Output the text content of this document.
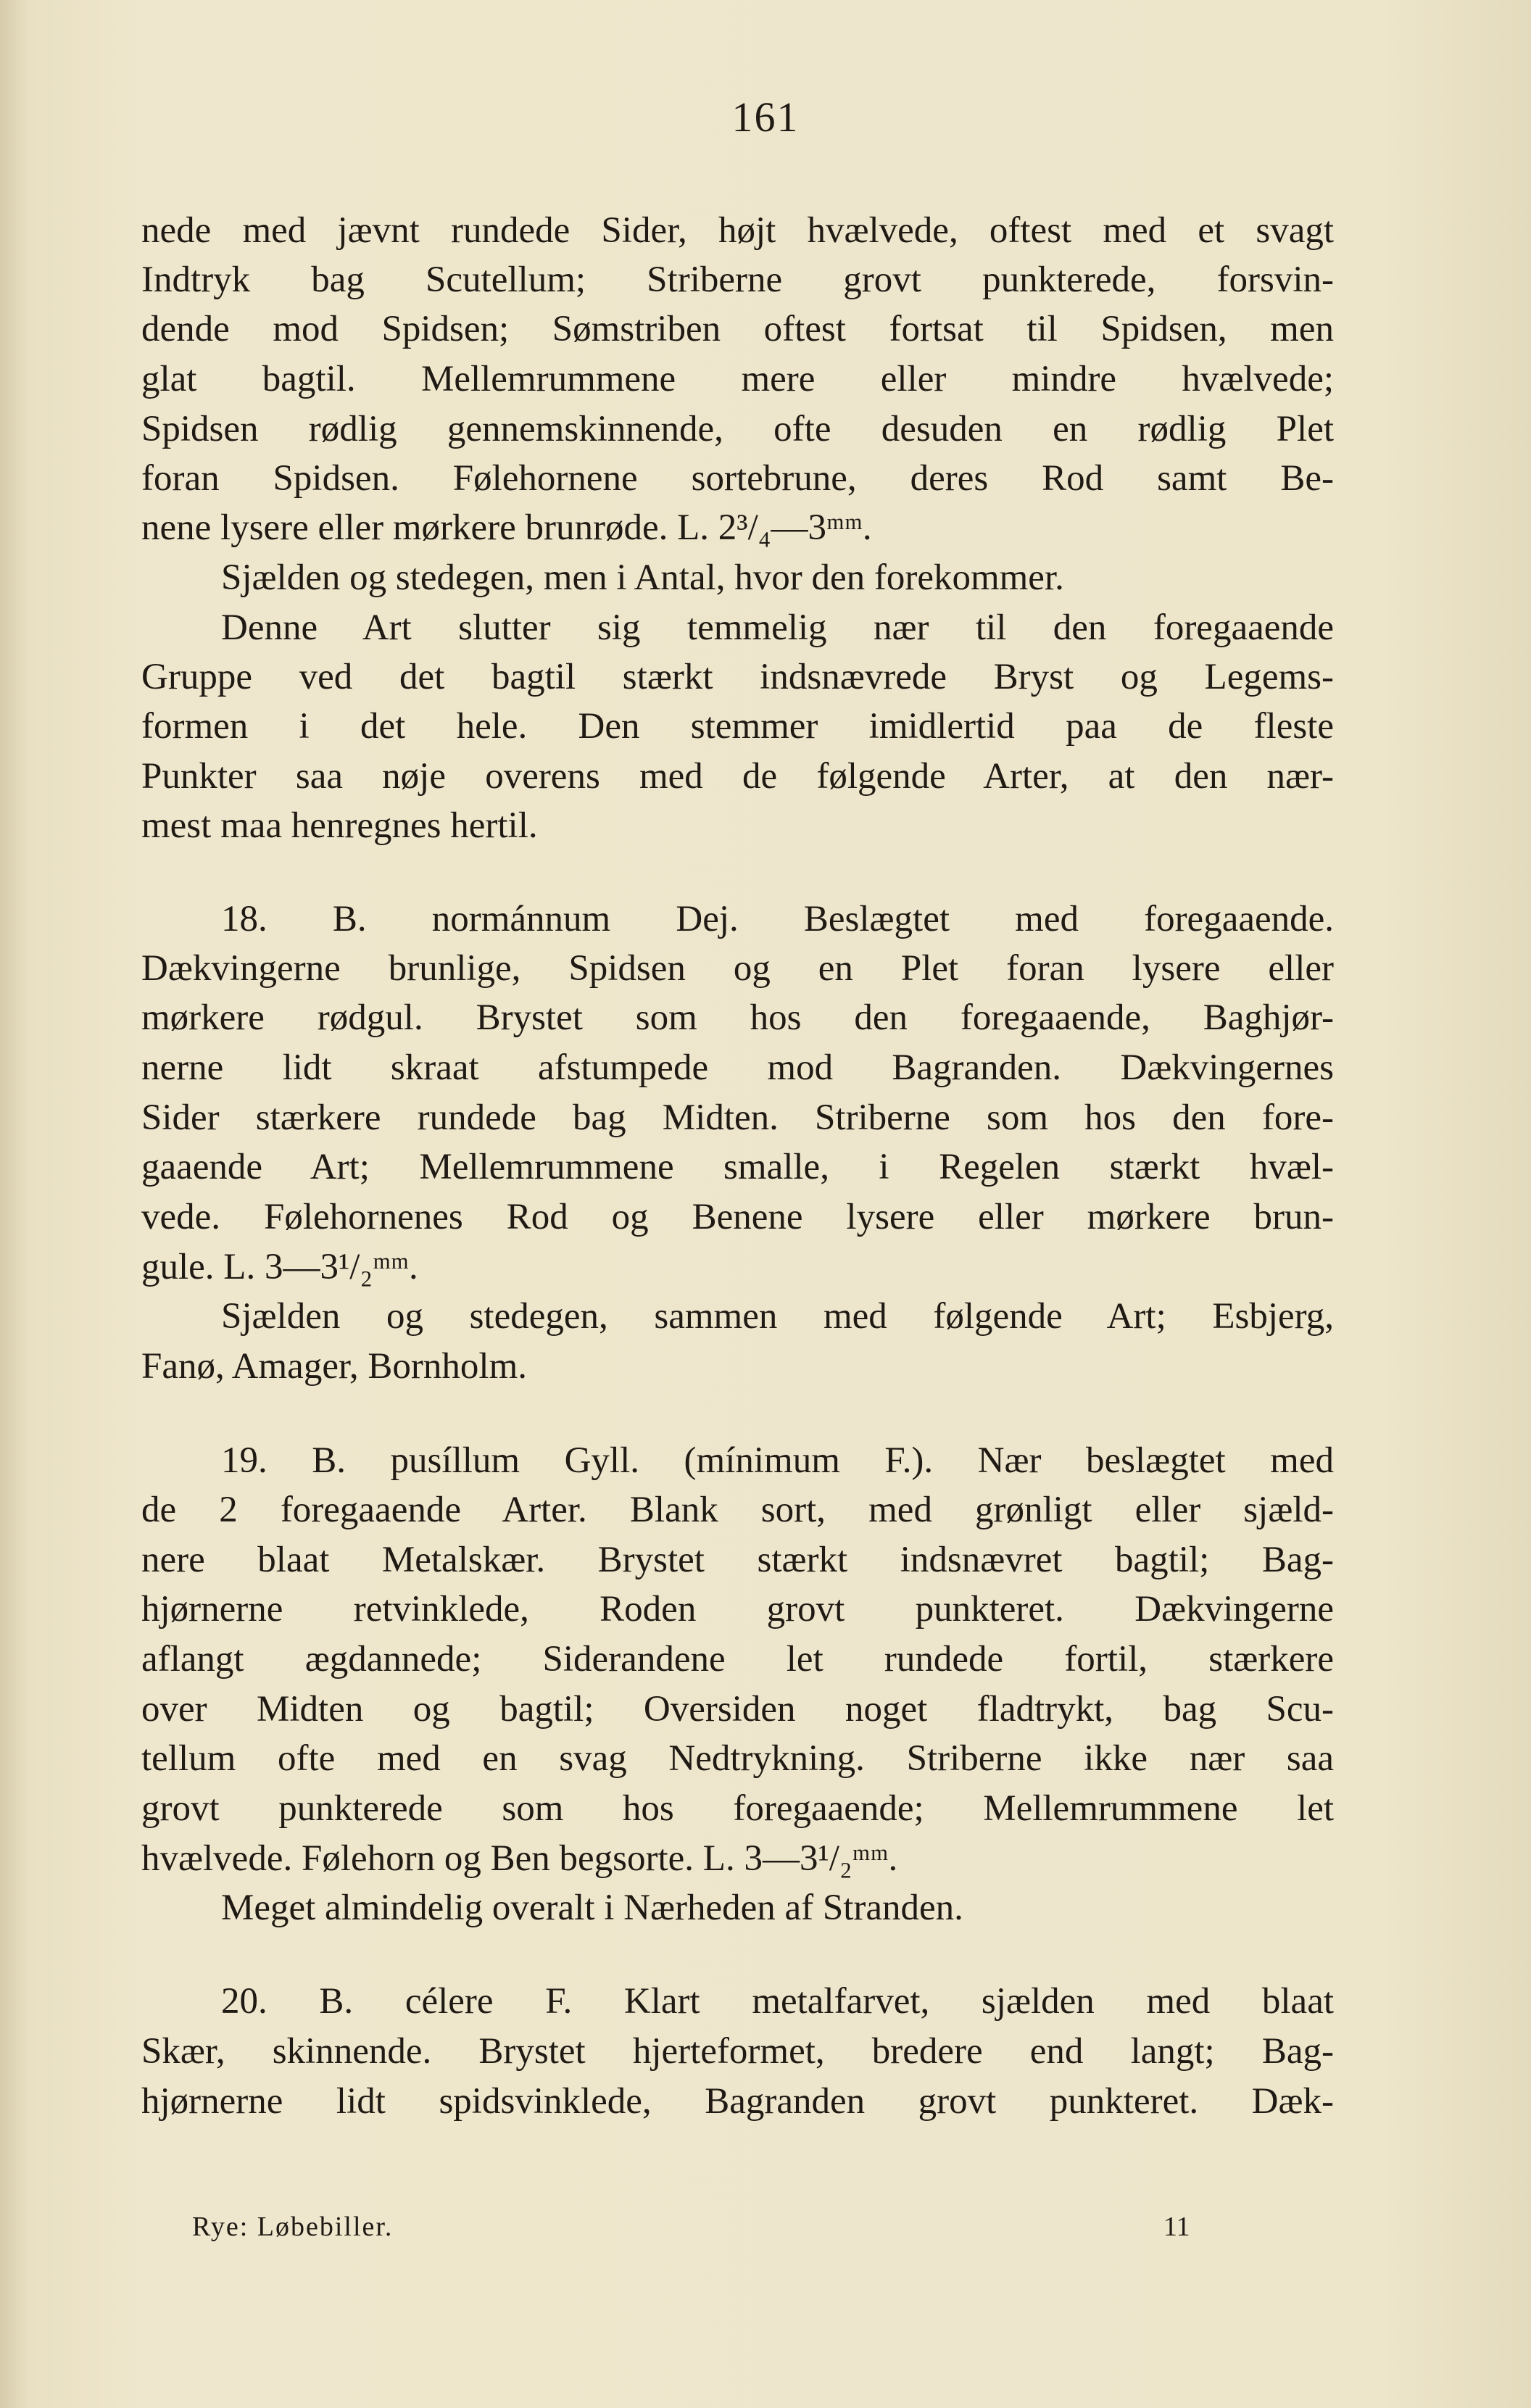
161
nede med jævnt rundede Sider, højt hvælvede, oftest med et svagt
Indtryk bag Scutellum; Striberne grovt punkterede, forsvin-
dende mod Spidsen; Sømstriben oftest fortsat til Spidsen, men
glat bagtil. Mellemrummene mere eller mindre hvælvede;
Spidsen rødlig gennemskinnende, ofte desuden en rødlig Plet
foran Spidsen. Følehornene sortebrune, deres Rod samt Be-
nene lysere eller mørkere brunrøde. L. 2³/₄—3ᵐᵐ.
Sjælden og stedegen, men i Antal, hvor den forekommer.
Denne Art slutter sig temmelig nær til den foregaaende
Gruppe ved det bagtil stærkt indsnævrede Bryst og Legems-
formen i det hele. Den stemmer imidlertid paa de fleste
Punkter saa nøje overens med de følgende Arter, at den nær-
mest maa henregnes hertil.
18. B. normánnum Dej. Beslægtet med foregaaende.
Dækvingerne brunlige, Spidsen og en Plet foran lysere eller
mørkere rødgul. Brystet som hos den foregaaende, Baghjør-
nerne lidt skraat afstumpede mod Bagranden. Dækvingernes
Sider stærkere rundede bag Midten. Striberne som hos den fore-
gaaende Art; Mellemrummene smalle, i Regelen stærkt hvæl-
vede. Følehornenes Rod og Benene lysere eller mørkere brun-
gule. L. 3—3¹/₂ᵐᵐ.
Sjælden og stedegen, sammen med følgende Art; Esbjerg,
Fanø, Amager, Bornholm.
19. B. pusíllum Gyll. (mínimum F.). Nær beslægtet med
de 2 foregaaende Arter. Blank sort, med grønligt eller sjæld-
nere blaat Metalskær. Brystet stærkt indsnævret bagtil; Bag-
hjørnerne retvinklede, Roden grovt punkteret. Dækvingerne
aflangt ægdannede; Siderandene let rundede fortil, stærkere
over Midten og bagtil; Oversiden noget fladtrykt, bag Scu-
tellum ofte med en svag Nedtrykning. Striberne ikke nær saa
grovt punkterede som hos foregaaende; Mellemrummene let
hvælvede. Følehorn og Ben begsorte. L. 3—3¹/₂ᵐᵐ.
Meget almindelig overalt i Nærheden af Stranden.
20. B. célere F. Klart metalfarvet, sjælden med blaat
Skær, skinnende. Brystet hjerteformet, bredere end langt; Bag-
hjørnerne lidt spidsvinklede, Bagranden grovt punkteret. Dæk-
Rye: Løbebiller.	11
